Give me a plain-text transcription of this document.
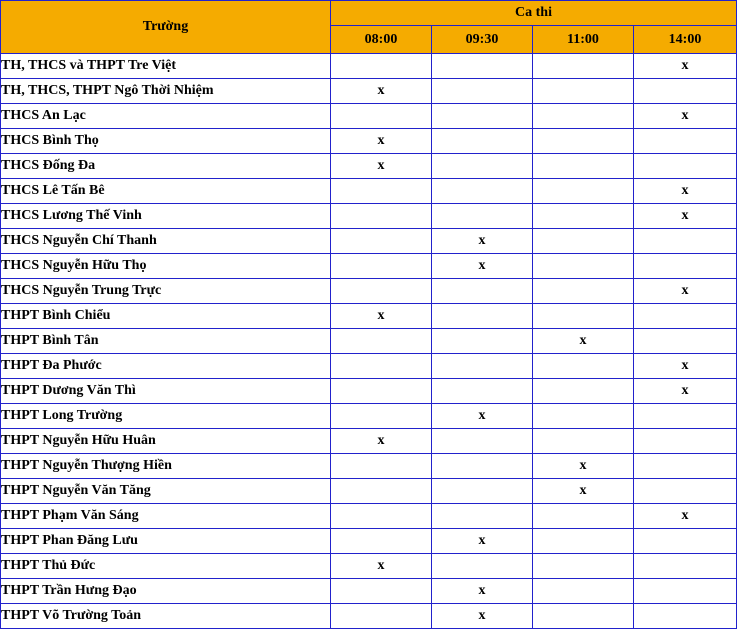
Trường	Ca thi			
	08:00	09:30	11:00	14:00
TH, THCS và THPT Tre Việt				x
TH, THCS, THPT Ngô Thời Nhiệm	x			
THCS An Lạc				x
THCS Bình Thọ	x			
THCS Đống Đa	x			
THCS Lê Tấn Bê				x
THCS Lương Thế Vinh				x
THCS Nguyễn Chí Thanh		x		
THCS Nguyễn Hữu Thọ		x		
THCS Nguyễn Trung Trực				x
THPT Bình Chiểu	x			
THPT Bình Tân			x	
THPT Đa Phước				x
THPT Dương Văn Thì				x
THPT Long Trường		x		
THPT Nguyễn Hữu Huân	x			
THPT Nguyễn Thượng Hiền			x	
THPT Nguyễn Văn Tăng			x	
THPT Phạm Văn Sáng				x
THPT Phan Đăng Lưu		x		
THPT Thủ Đức	x			
THPT Trần Hưng Đạo		x		
THPT Võ Trường Toản		x		
